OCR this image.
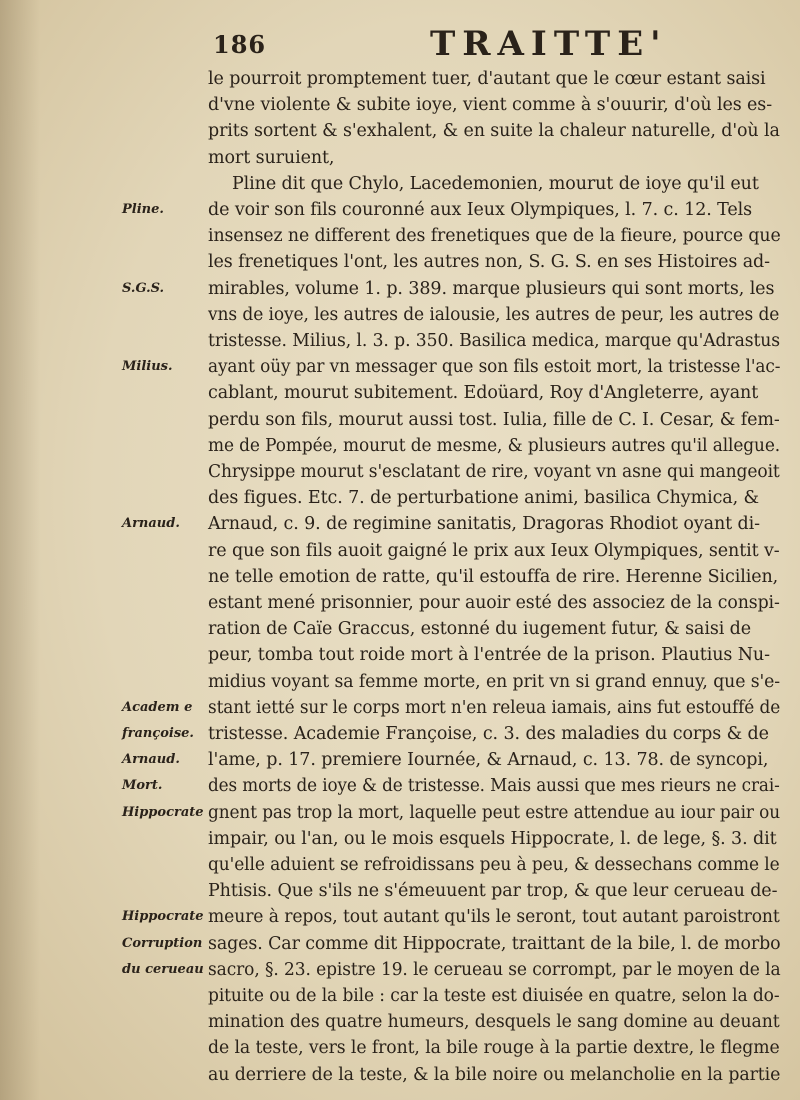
186	TRAITTE'
Pline.
S.G.S.
Milius.
Arnaud.
Academ e
françoise.
Arnaud.
Mort.
Hippocrate
Hippocrate
Corruption
du cerueau
le pourroit promptement tuer, d'autant que le cœur estant saisi
d'vne violente & subite ioye, vient comme à s'ouurir, d'où les es-
prits sortent & s'exhalent, & en suite la chaleur naturelle, d'où la
mort suruient,
Pline dit que Chylo, Lacedemonien, mourut de ioye qu'il eut
de voir son fils couronné aux Ieux Olympiques, l. 7. c. 12. Tels
insensez ne different des frenetiques que de la fieure, pource que
les frenetiques l'ont, les autres non, S. G. S. en ses Histoires ad-
mirables, volume 1. p. 389. marque plusieurs qui sont morts, les
vns de ioye, les autres de ialousie, les autres de peur, les autres de
tristesse. Milius, l. 3. p. 350. Basilica medica, marque qu'Adrastus
ayant oüy par vn messager que son fils estoit mort, la tristesse l'ac-
cablant, mourut subitement. Edoüard, Roy d'Angleterre, ayant
perdu son fils, mourut aussi tost. Iulia, fille de C. I. Cesar, & fem-
me de Pompée, mourut de mesme, & plusieurs autres qu'il allegue.
Chrysippe mourut s'esclatant de rire, voyant vn asne qui mangeoit
des figues. Etc. 7. de perturbatione animi, basilica Chymica, &
Arnaud, c. 9. de regimine sanitatis, Dragoras Rhodiot oyant di-
re que son fils auoit gaigné le prix aux Ieux Olympiques, sentit v-
ne telle emotion de ratte, qu'il estouffa de rire. Herenne Sicilien,
estant mené prisonnier, pour auoir esté des associez de la conspi-
ration de Caïe Graccus, estonné du iugement futur, & saisi de
peur, tomba tout roide mort à l'entrée de la prison. Plautius Nu-
midius voyant sa femme morte, en prit vn si grand ennuy, que s'e-
stant ietté sur le corps mort n'en releua iamais, ains fut estouffé de
tristesse. Academie Françoise, c. 3. des maladies du corps & de
l'ame, p. 17. premiere Iournée, & Arnaud, c. 13. 78. de syncopi,
des morts de ioye & de tristesse. Mais aussi que mes rieurs ne crai-
gnent pas trop la mort, laquelle peut estre attendue au iour pair ou
impair, ou l'an, ou le mois esquels Hippocrate, l. de lege, §. 3. dit
qu'elle aduient se refroidissans peu à peu, & dessechans comme le
Phtisis. Que s'ils ne s'émeuuent par trop, & que leur cerueau de-
meure à repos, tout autant qu'ils le seront, tout autant paroistront
sages. Car comme dit Hippocrate, traittant de la bile, l. de morbo
sacro, §. 23. epistre 19. le cerueau se corrompt, par le moyen de la
pituite ou de la bile : car la teste est diuisée en quatre, selon la do-
mination des quatre humeurs, desquels le sang domine au deuant
de la teste, vers le front, la bile rouge à la partie dextre, le flegme
au derriere de la teste, & la bile noire ou melancholie en la partie
